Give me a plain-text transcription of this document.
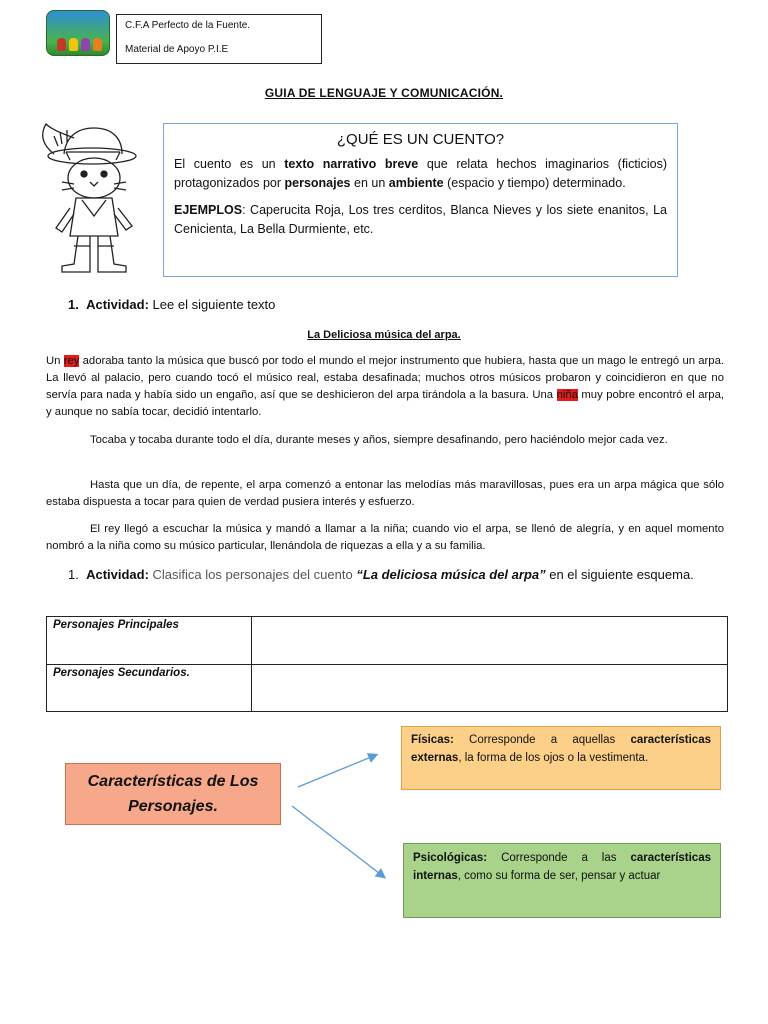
C.F.A Perfecto de la Fuente.
Material de Apoyo P.I.E
GUIA DE LENGUAJE Y COMUNICACIÓN.
¿QUÉ ES UN CUENTO?

El cuento es un texto narrativo breve que relata hechos imaginarios (ficticios) protagonizados por personajes en un ambiente (espacio y tiempo) determinado.

EJEMPLOS: Caperucita Roja, Los tres cerditos, Blanca Nieves y los siete enanitos, La Cenicienta, La Bella Durmiente, etc.

1. Actividad: Lee el siguiente texto
La Deliciosa música del arpa.

Un rey adoraba tanto la música que buscó por todo el mundo el mejor instrumento que hubiera, hasta que un mago le entregó un arpa. La llevó al palacio, pero cuando tocó el músico real, estaba desafinada; muchos otros músicos probaron y coincidieron en que no servía para nada y había sido un engaño, así que se deshicieron del arpa tirándola a la basura. Una niña muy pobre encontró el arpa, y aunque no sabía tocar, decidió intentarlo.

Tocaba y tocaba durante todo el día, durante meses y años, siempre desafinando, pero haciéndolo mejor cada vez.

Hasta que un día, de repente, el arpa comenzó a entonar las melodías más maravillosas, pues era un arpa mágica que sólo estaba dispuesta a tocar para quien de verdad pusiera interés y esfuerzo.

El rey llegó a escuchar la música y mandó a llamar a la niña; cuando vio el arpa, se llenó de alegría, y en aquel momento nombró a la niña como su músico particular, llenándola de riquezas a ella y a su familia.

1. Actividad: Clasifica los personajes del cuento “La deliciosa música del arpa” en el siguiente esquema.
Personajes Principales	
Personajes Secundarios.	
Características de Los Personajes.
Físicas: Corresponde a aquellas características externas, la forma de los ojos o la vestimenta.
Psicológicas: Corresponde a las características internas, como su forma de ser, pensar y actuar
